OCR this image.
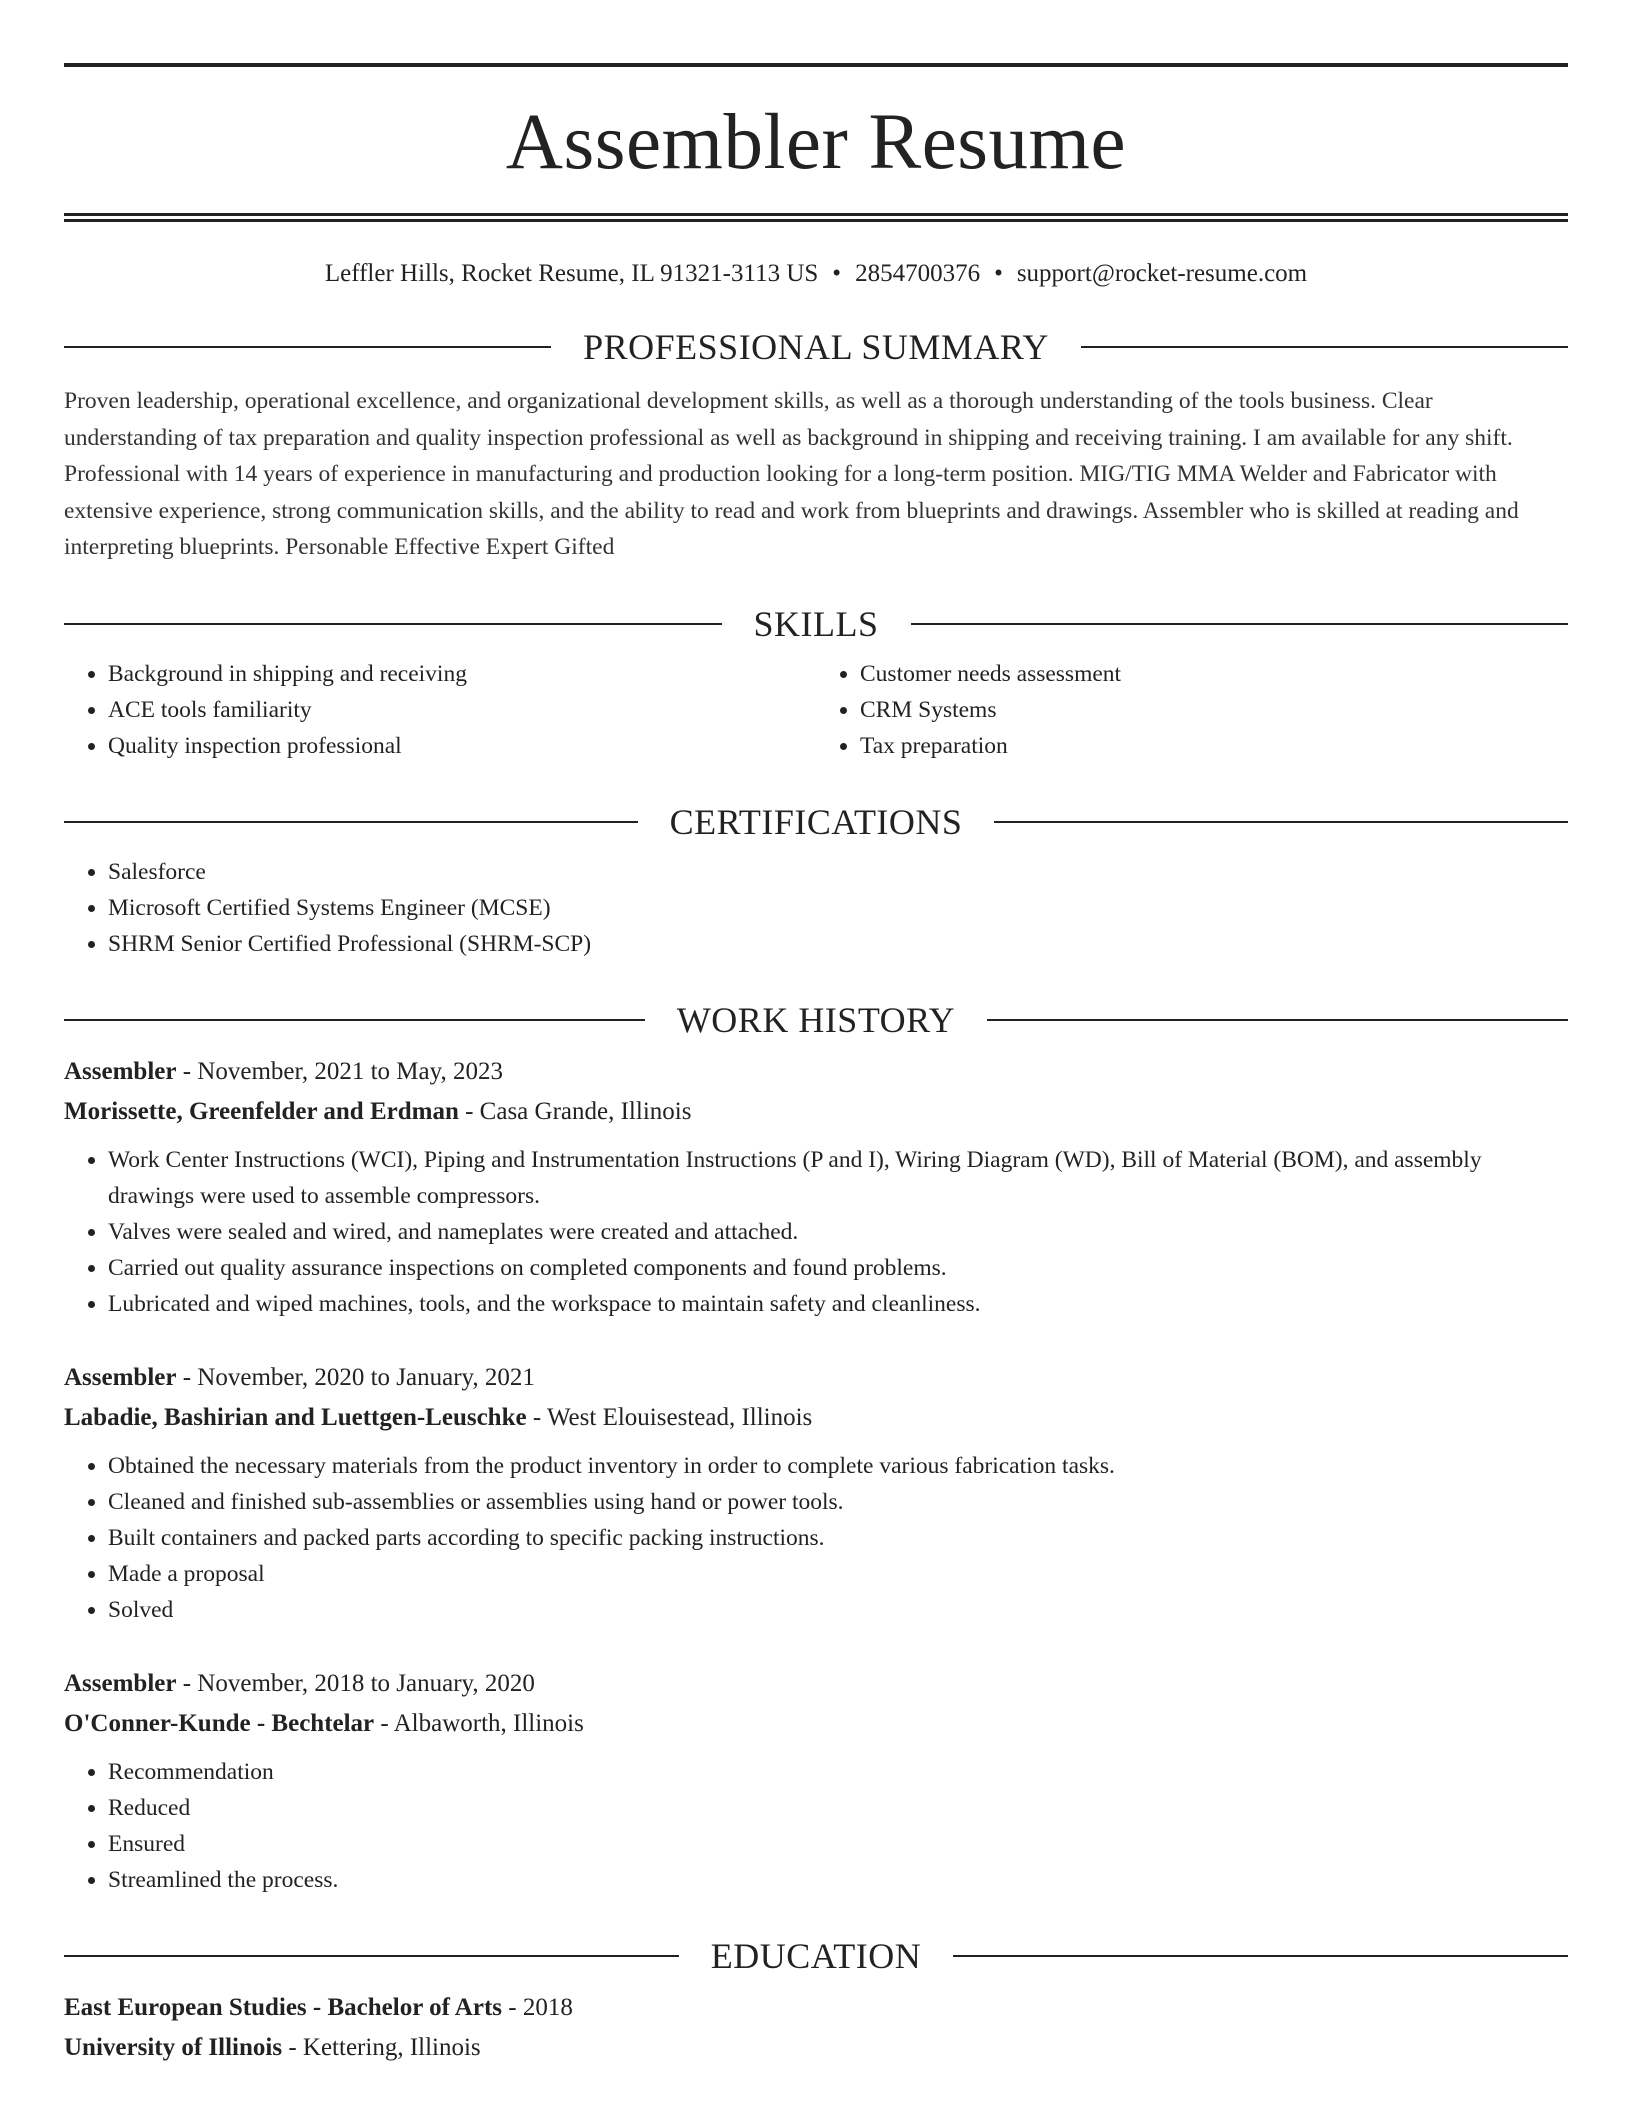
Assembler Resume
Leffler Hills, Rocket Resume, IL 91321-3113 US • 2854700376 • support@rocket-resume.com
PROFESSIONAL SUMMARY

Proven leadership, operational excellence, and organizational development skills, as well as a thorough understanding of the tools business. Clear understanding of tax preparation and quality inspection professional as well as background in shipping and receiving training. I am available for any shift. Professional with 14 years of experience in manufacturing and production looking for a long-term position. MIG/TIG MMA Welder and Fabricator with extensive experience, strong communication skills, and the ability to read and work from blueprints and drawings. Assembler who is skilled at reading and interpreting blueprints. Personable Effective Expert Gifted

SKILLS
• Background in shipping and receiving
• ACE tools familiarity
• Quality inspection professional
• Customer needs assessment
• CRM Systems
• Tax preparation
CERTIFICATIONS
• Salesforce
• Microsoft Certified Systems Engineer (MCSE)
• SHRM Senior Certified Professional (SHRM-SCP)
WORK HISTORY
Assembler - November, 2021 to May, 2023
Morissette, Greenfelder and Erdman - Casa Grande, Illinois
• Work Center Instructions (WCI), Piping and Instrumentation Instructions (P and I), Wiring Diagram (WD), Bill of Material (BOM), and assembly drawings were used to assemble compressors.
• Valves were sealed and wired, and nameplates were created and attached.
• Carried out quality assurance inspections on completed components and found problems.
• Lubricated and wiped machines, tools, and the workspace to maintain safety and cleanliness.
Assembler - November, 2020 to January, 2021
Labadie, Bashirian and Luettgen-Leuschke - West Elouisestead, Illinois
• Obtained the necessary materials from the product inventory in order to complete various fabrication tasks.
• Cleaned and finished sub-assemblies or assemblies using hand or power tools.
• Built containers and packed parts according to specific packing instructions.
• Made a proposal
• Solved
Assembler - November, 2018 to January, 2020
O'Conner-Kunde - Bechtelar - Albaworth, Illinois
• Recommendation
• Reduced
• Ensured
• Streamlined the process.
EDUCATION
East European Studies - Bachelor of Arts - 2018
University of Illinois - Kettering, Illinois
